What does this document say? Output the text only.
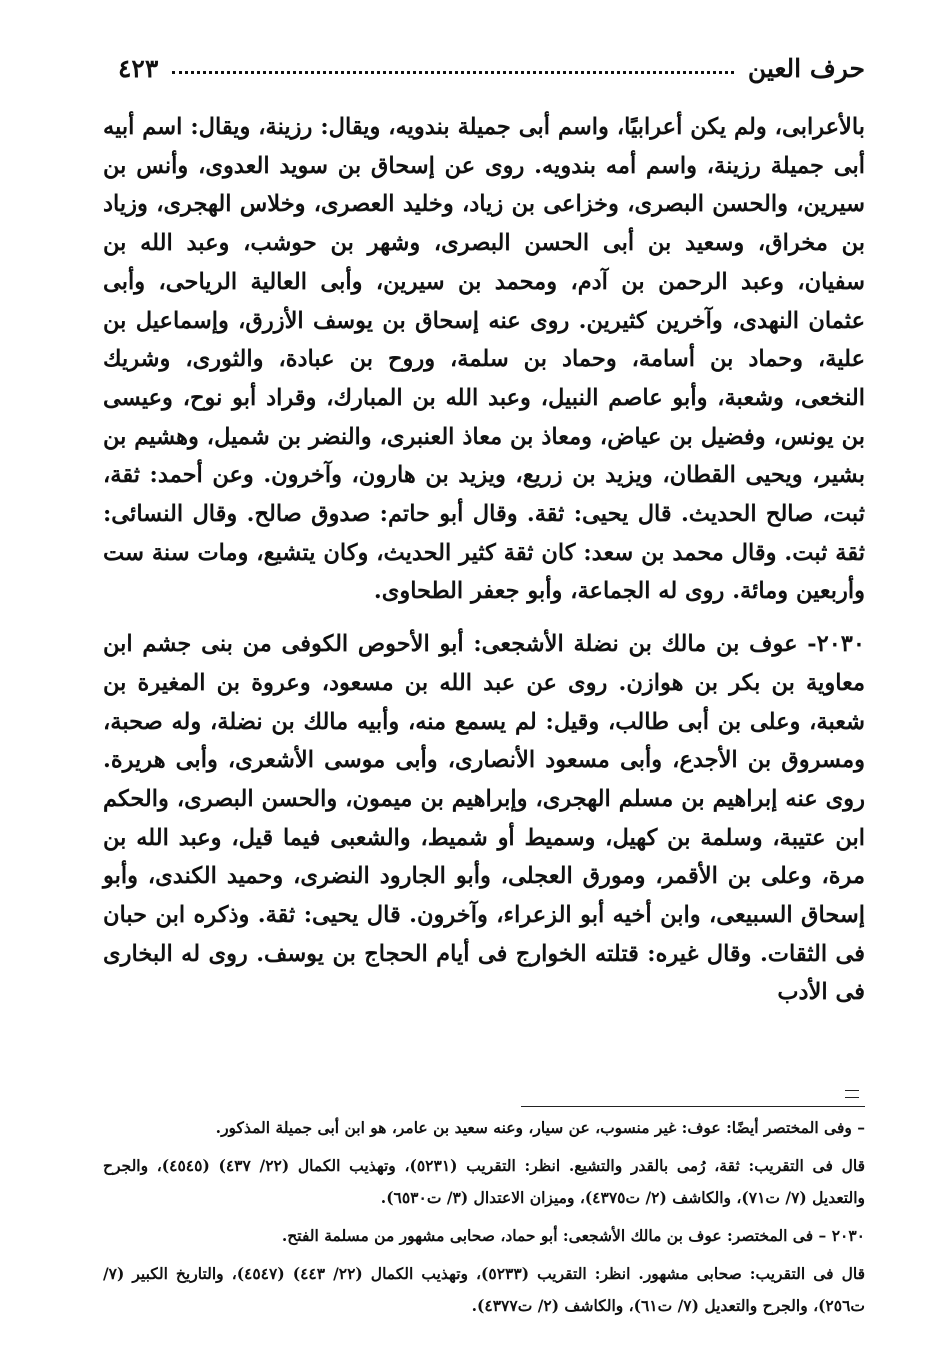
حرف العين
٤٢٣

بالأعرابى، ولم يكن أعرابيًا، واسم أبى جميلة بندويه، ويقال: رزينة، ويقال: اسم أبيه أبى جميلة رزينة، واسم أمه بندويه. روى عن إسحاق بن سويد العدوى، وأنس بن سيرين، والحسن البصرى، وخزاعى بن زياد، وخليد العصرى، وخلاس الهجرى، وزياد بن مخراق، وسعيد بن أبى الحسن البصرى، وشهر بن حوشب، وعبد الله بن سفيان، وعبد الرحمن بن آدم، ومحمد بن سيرين، وأبى العالية الرياحى، وأبى عثمان النهدى، وآخرين كثيرين. روى عنه إسحاق بن يوسف الأزرق، وإسماعيل بن علية، وحماد بن أسامة، وحماد بن سلمة، وروح بن عبادة، والثورى، وشريك النخعى، وشعبة، وأبو عاصم النبيل، وعبد الله بن المبارك، وقراد أبو نوح، وعيسى بن يونس، وفضيل بن عياض، ومعاذ بن معاذ العنبرى، والنضر بن شميل، وهشيم بن بشير، ويحيى القطان، ويزيد بن زريع، ويزيد بن هارون، وآخرون. وعن أحمد: ثقة، ثبت، صالح الحديث. قال يحيى: ثقة. وقال أبو حاتم: صدوق صالح. وقال النسائى: ثقة ثبت. وقال محمد بن سعد: كان ثقة كثير الحديث، وكان يتشيع، ومات سنة ست وأربعين ومائة. روى له الجماعة، وأبو جعفر الطحاوى.

٢٠٣٠- عوف بن مالك بن نضلة الأشجعى: أبو الأحوص الكوفى من بنى جشم ابن معاوية بن بكر بن هوازن. روى عن عبد الله بن مسعود، وعروة بن المغيرة بن شعبة، وعلى بن أبى طالب، وقيل: لم يسمع منه، وأبيه مالك بن نضلة، وله صحبة، ومسروق بن الأجدع، وأبى مسعود الأنصارى، وأبى موسى الأشعرى، وأبى هريرة. روى عنه إبراهيم بن مسلم الهجرى، وإبراهيم بن ميمون، والحسن البصرى، والحكم ابن عتيبة، وسلمة بن كهيل، وسميط أو شميط، والشعبى فيما قيل، وعبد الله بن مرة، وعلى بن الأقمر، ومورق العجلى، وأبو الجارود النضرى، وحميد الكندى، وأبو إسحاق السبيعى، وابن أخيه أبو الزعراء، وآخرون. قال يحيى: ثقة. وذكره ابن حبان فى الثقات. وقال غيره: قتلته الخوارج فى أيام الحجاج بن يوسف. روى له البخارى فى الأدب

– وفى المختصر أيضًا: عوف: غير منسوب، عن سيار، وعنه سعيد بن عامر، هو ابن أبى جميلة المذكور.

قال فى التقريب: ثقة، رُمى بالقدر والتشيع. انظر: التقريب (٥٢٣١)، وتهذيب الكمال (٢٢/ ٤٣٧) (٤٥٤٥)، والجرح والتعديل (٧/ ت٧١)، والكاشف (٢/ ت٤٣٧٥)، وميزان الاعتدال (٣/ ت٦٥٣٠).

٢٠٣٠ – فى المختصر: عوف بن مالك الأشجعى: أبو حماد، صحابى مشهور من مسلمة الفتح.

قال فى التقريب: صحابى مشهور. انظر: التقريب (٥٢٣٣)، وتهذيب الكمال (٢٢/ ٤٤٣) (٤٥٤٧)، والتاريخ الكبير (٧/ ت٢٥٦)، والجرح والتعديل (٧/ ت٦١)، والكاشف (٢/ ت٤٣٧٧).
